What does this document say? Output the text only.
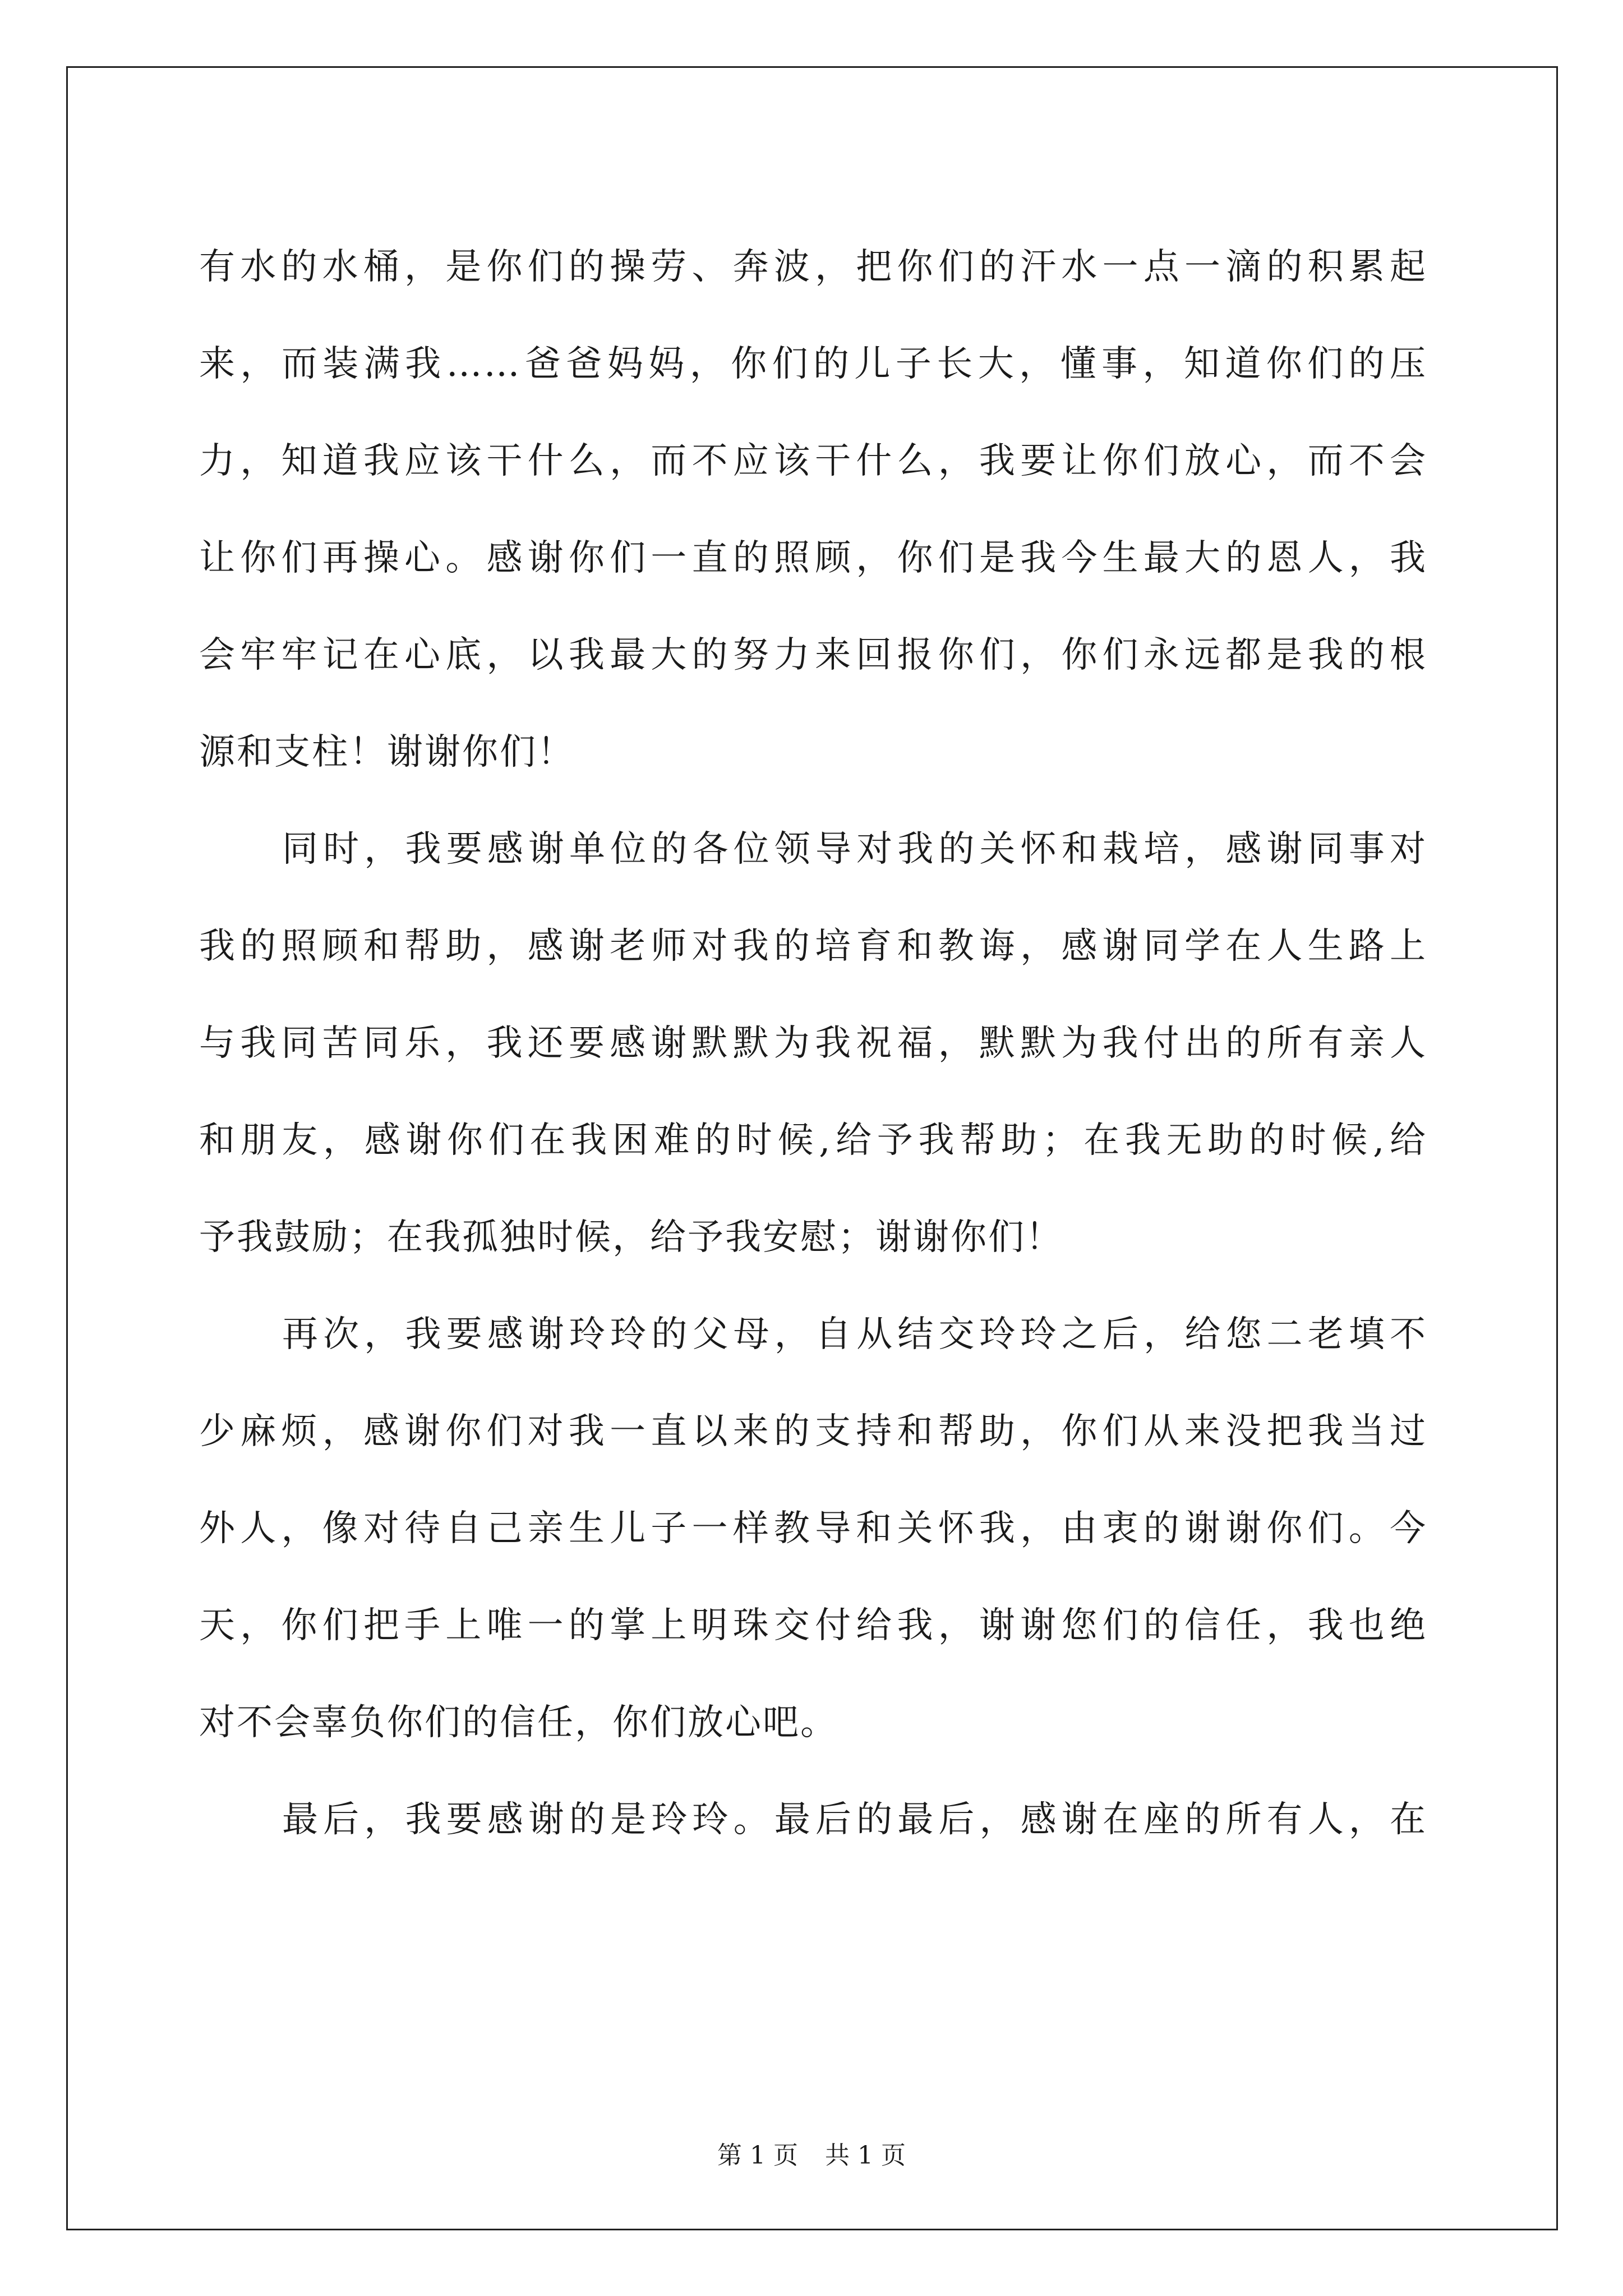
有水的水桶，是你们的操劳、奔波，把你们的汗水一点一滴的积累起
来，而装满我……爸爸妈妈，你们的儿子长大，懂事，知道你们的压
力，知道我应该干什么，而不应该干什么，我要让你们放心，而不会
让你们再操心。感谢你们一直的照顾，你们是我今生最大的恩人，我
会牢牢记在心底，以我最大的努力来回报你们，你们永远都是我的根
源和支柱！谢谢你们！
同时，我要感谢单位的各位领导对我的关怀和栽培，感谢同事对
我的照顾和帮助，感谢老师对我的培育和教诲，感谢同学在人生路上
与我同苦同乐，我还要感谢默默为我祝福，默默为我付出的所有亲人
和朋友，感谢你们在我困难的时候,给予我帮助；在我无助的时候,给
予我鼓励；在我孤独时候，给予我安慰；谢谢你们！
再次，我要感谢玲玲的父母，自从结交玲玲之后，给您二老填不
少麻烦，感谢你们对我一直以来的支持和帮助，你们从来没把我当过
外人，像对待自己亲生儿子一样教导和关怀我，由衷的谢谢你们。今
天，你们把手上唯一的掌上明珠交付给我，谢谢您们的信任，我也绝
对不会辜负你们的信任，你们放心吧。
最后，我要感谢的是玲玲。最后的最后，感谢在座的所有人，在
第 1 页 共 1 页
